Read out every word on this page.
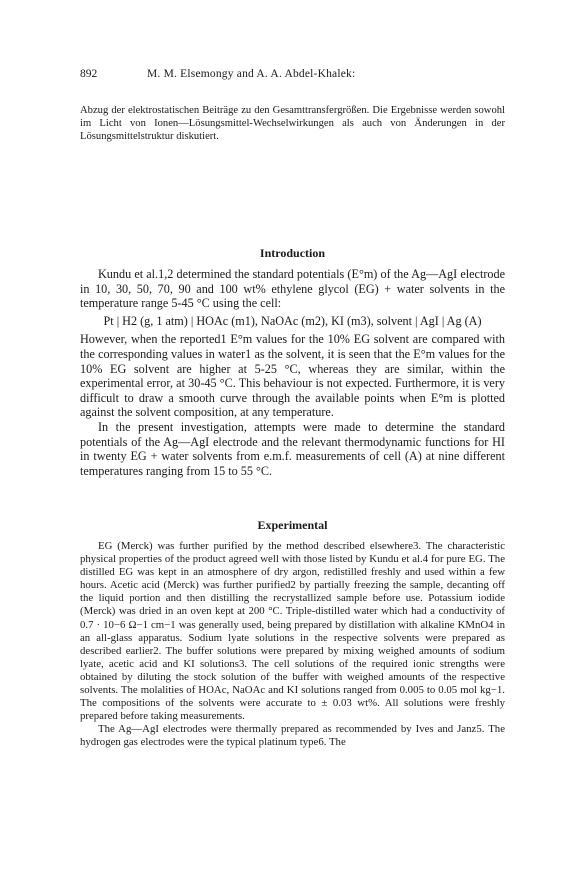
892	M. M. Elsemongy and A. A. Abdel-Khalek:
Abzug der elektrostatischen Beiträge zu den Gesamttransfergrößen. Die Ergebnisse werden sowohl im Licht von Ionen—Lösungsmittel-Wechselwirkungen als auch von Änderungen in der Lösungsmittelstruktur diskutiert.
Introduction

Kundu et al.1,2 determined the standard potentials (E°m) of the Ag—AgI electrode in 10, 30, 50, 70, 90 and 100 wt% ethylene glycol (EG) + water solvents in the temperature range 5-45 °C using the cell:

Pt | H2 (g, 1 atm) | HOAc (m1), NaOAc (m2), KI (m3), solvent | AgI | Ag (A)

However, when the reported1 E°m values for the 10% EG solvent are compared with the corresponding values in water1 as the solvent, it is seen that the E°m values for the 10% EG solvent are higher at 5-25 °C, whereas they are similar, within the experimental error, at 30-45 °C. This behaviour is not expected. Furthermore, it is very difficult to draw a smooth curve through the available points when E°m is plotted against the solvent composition, at any temperature.

In the present investigation, attempts were made to determine the standard potentials of the Ag—AgI electrode and the relevant thermodynamic functions for HI in twenty EG + water solvents from e.m.f. measurements of cell (A) at nine different temperatures ranging from 15 to 55 °C.

Experimental

EG (Merck) was further purified by the method described elsewhere3. The characteristic physical properties of the product agreed well with those listed by Kundu et al.4 for pure EG. The distilled EG was kept in an atmosphere of dry argon, redistilled freshly and used within a few hours. Acetic acid (Merck) was further purified2 by partially freezing the sample, decanting off the liquid portion and then distilling the recrystallized sample before use. Potassium iodide (Merck) was dried in an oven kept at 200 °C. Triple-distilled water which had a conductivity of 0.7 · 10−6 Ω−1 cm−1 was generally used, being prepared by distillation with alkaline KMnO4 in an all-glass apparatus. Sodium lyate solutions in the respective solvents were prepared as described earlier2. The buffer solutions were prepared by mixing weighed amounts of sodium lyate, acetic acid and KI solutions3. The cell solutions of the required ionic strengths were obtained by diluting the stock solution of the buffer with weighed amounts of the respective solvents. The molalities of HOAc, NaOAc and KI solutions ranged from 0.005 to 0.05 mol kg−1. The compositions of the solvents were accurate to ± 0.03 wt%. All solutions were freshly prepared before taking measurements.

The Ag—AgI electrodes were thermally prepared as recommended by Ives and Janz5. The hydrogen gas electrodes were the typical platinum type6. The
